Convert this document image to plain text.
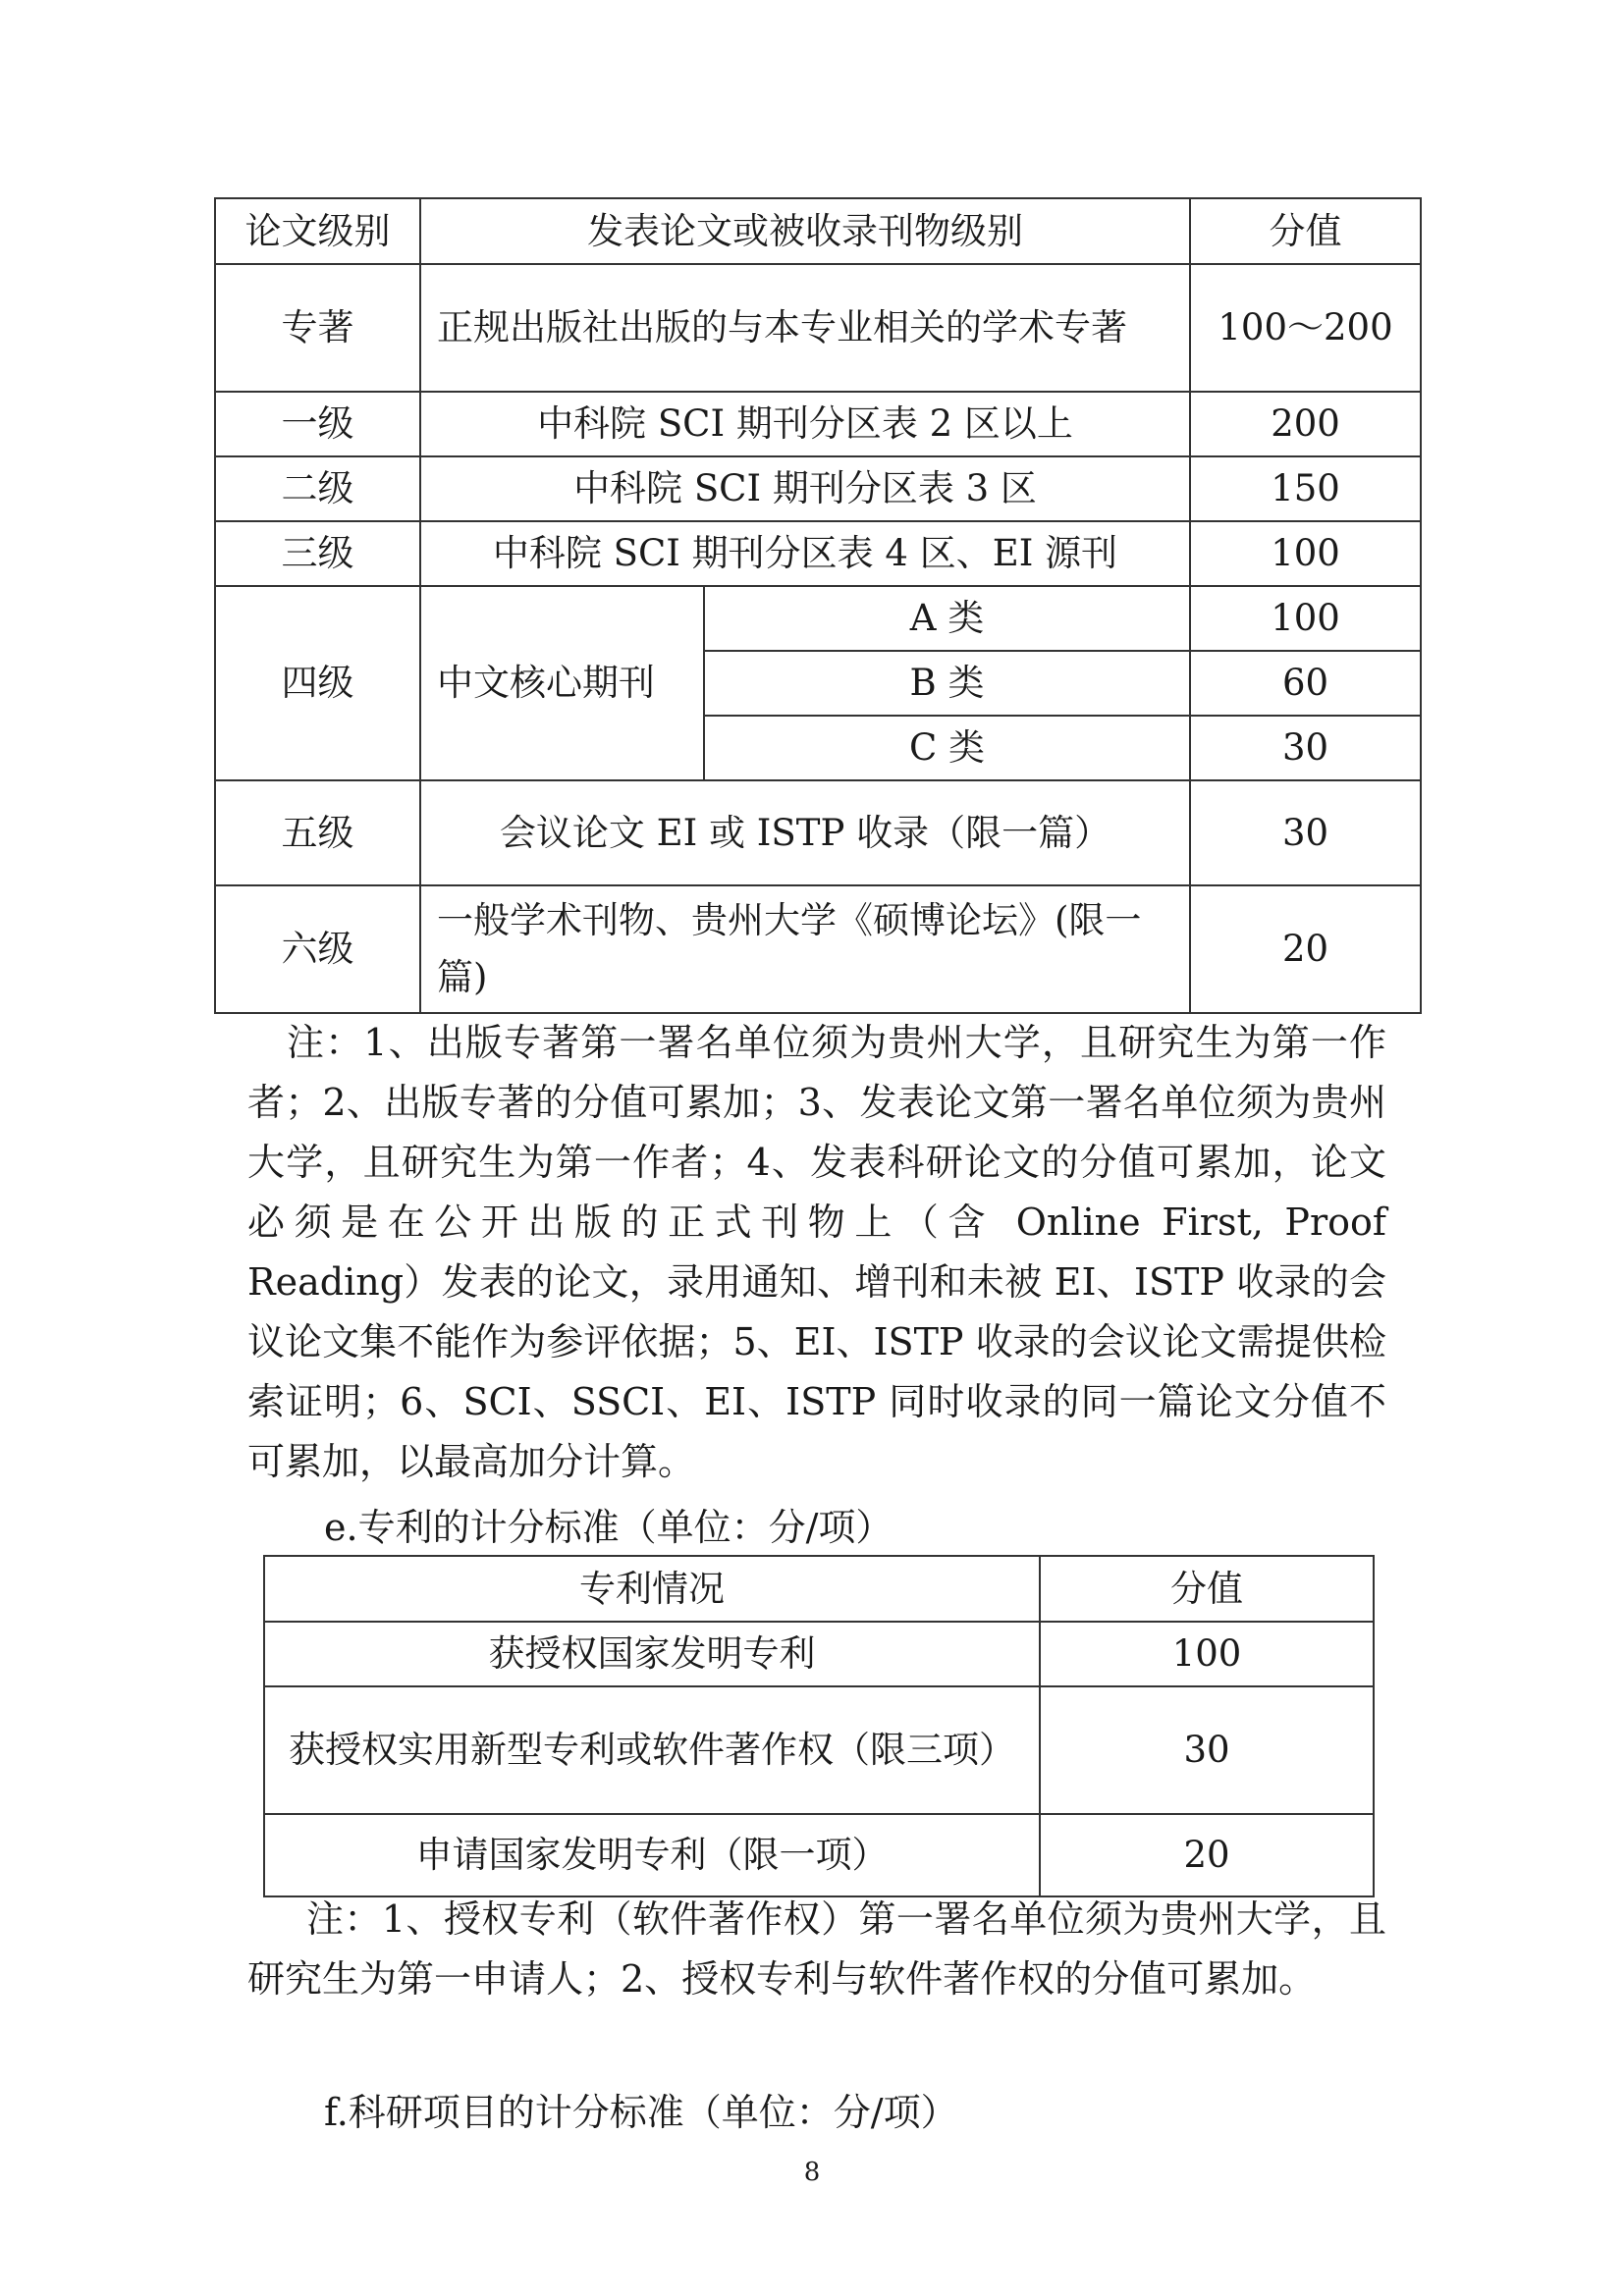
论文级别	发表论文或被收录刊物级别		分值
专著	正规出版社出版的与本专业相关的学术专著		100～200
一级	中科院 SCI 期刊分区表 2 区以上		200
二级	中科院 SCI 期刊分区表 3 区		150
三级	中科院 SCI 期刊分区表 4 区、EI 源刊		100
四级	中文核心期刊	A 类	100
		B 类	60
		C 类	30
五级	会议论文 EI 或 ISTP 收录（限一篇）		30
六级	一般学术刊物、贵州大学《硕博论坛》(限一篇)		20
注：1、出版专著第一署名单位须为贵州大学，且研究生为第一作者；2、出版专著的分值可累加；3、发表论文第一署名单位须为贵州大学，且研究生为第一作者；4、发表科研论文的分值可累加，论文必须是在公开出版的正式刊物上（含 Online First, Proof Reading）发表的论文，录用通知、增刊和未被 EI、ISTP 收录的会议论文集不能作为参评依据；5、EI、ISTP 收录的会议论文需提供检索证明；6、SCI、SSCI、EI、ISTP 同时收录的同一篇论文分值不可累加，以最高加分计算。
e.专利的计分标准（单位：分/项）
专利情况	分值
获授权国家发明专利	100
获授权实用新型专利或软件著作权（限三项）	30
申请国家发明专利（限一项）	20
注：1、授权专利（软件著作权）第一署名单位须为贵州大学，且研究生为第一申请人；2、授权专利与软件著作权的分值可累加。
f.科研项目的计分标准（单位：分/项）
8
